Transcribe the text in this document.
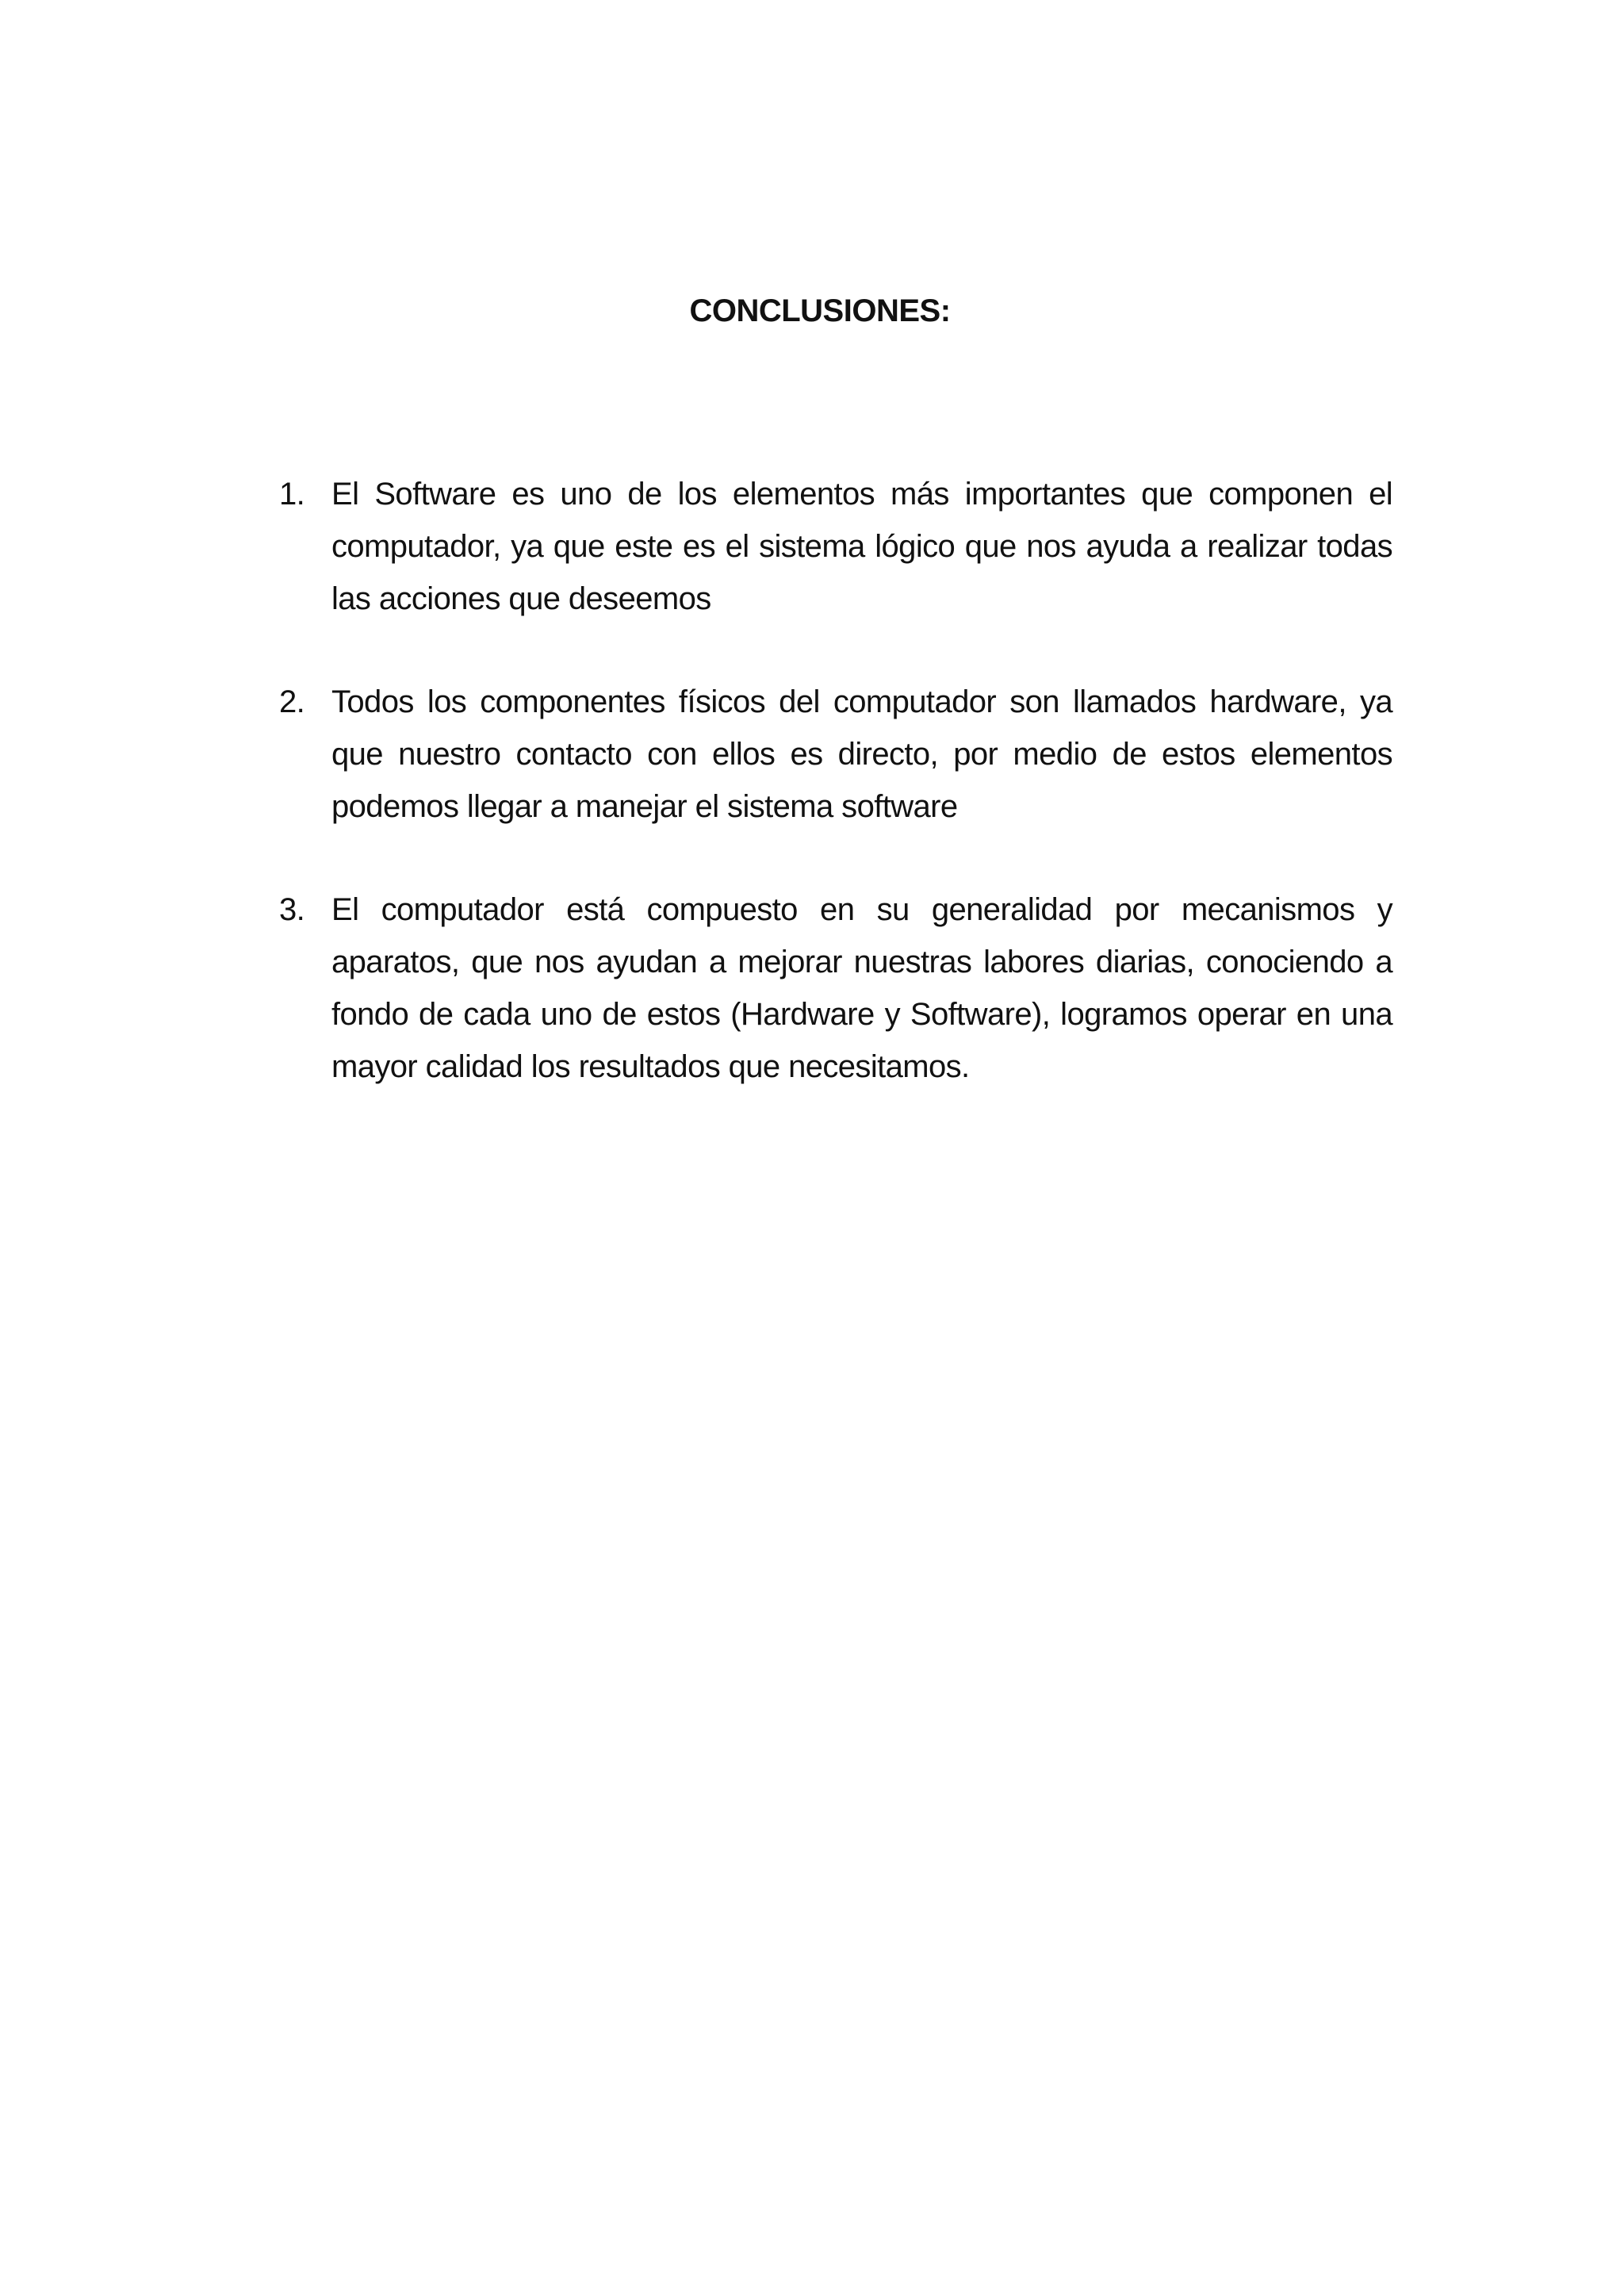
CONCLUSIONES:
1. El Software es uno de los elementos más importantes que componen el computador, ya que este es el sistema lógico que nos ayuda a realizar todas las acciones que deseemos
2. Todos los componentes físicos del computador son llamados hardware, ya que nuestro contacto con ellos es directo, por medio de estos elementos podemos llegar a manejar el sistema software
3. El computador está compuesto en su generalidad por mecanismos y aparatos, que nos ayudan a mejorar nuestras labores diarias, conociendo a fondo de cada uno de estos (Hardware y Software), logramos operar en una mayor calidad los resultados que necesitamos.
